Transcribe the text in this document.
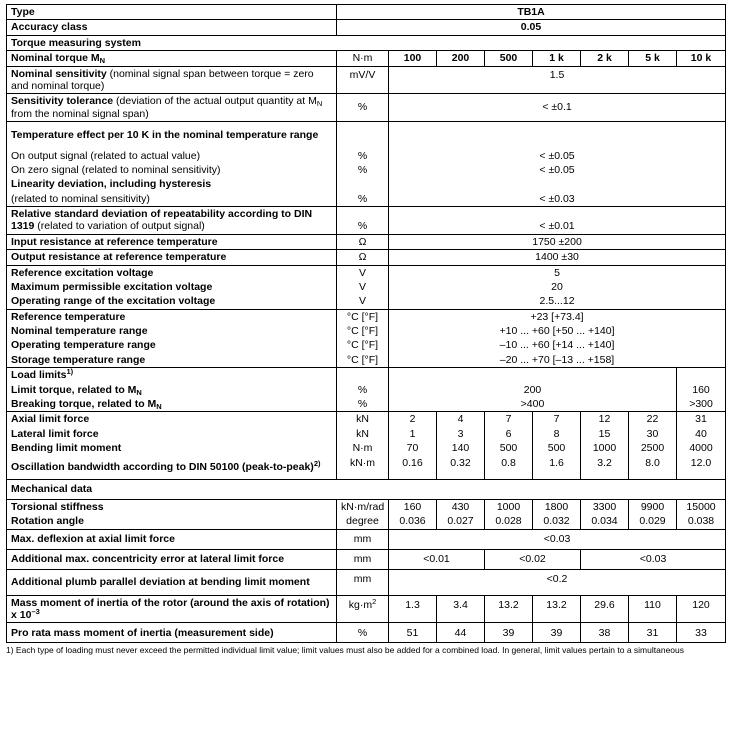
Type	TB1A							
Accuracy class	0.05							
Torque measuring system								
Nominal torque $M_N$	N·m	100	200	500	1 k	2 k	5 k	10 k
Nominal sensitivity (nominal signal span between torque = zero and nominal torque)	mV/V	1.5						
Sensitivity tolerance (deviation of the actual output quantity at $M_N$ from the nominal signal span)	%	< ±0.1						
Temperature effect per 10 K in the nominal temperature range								
On output signal (related to actual value)	%	< ±0.05						
On zero signal (related to nominal sensitivity)	%	< ±0.05						
Linearity deviation, including hysteresis								
(related to nominal sensitivity)	%	< ±0.03						
Relative standard deviation of repeatability according to DIN 1319 (related to variation of output signal)	%	< ±0.01						
Input resistance at reference temperature	Ω	1750 ±200						
Output resistance at reference temperature	Ω	1400 ±30						
Reference excitation voltage	V	5						
Maximum permissible excitation voltage	V	20						
Operating range of the excitation voltage	V	2.5...12						
Reference temperature	°C [°F]	+23 [+73.4]						
Nominal temperature range	°C [°F]	+10 ... +60 [+50 ... +140]						
Operating temperature range	°C [°F]	–10 ... +60 [+14 ... +140]						
Storage temperature range	°C [°F]	–20 ... +70 [–13 ... +158]						
Load limits$^{1)}$			
Limit torque, related to $M_N$	%	200						160
Breaking torque, related to $M_N$	%	>400						>300
Axial limit force	kN	2	4	7	7	12	22	31
Lateral limit force	kN	1	3	6	8	15	30	40
Bending limit moment	N·m	70	140	500	500	1000	2500	4000
Oscillation bandwidth according to DIN 50100 (peak-to-peak)$^{2)}$	kN·m	0.16	0.32	0.8	1.6	3.2	8.0	12.0
Mechanical data								
Torsional stiffness	kN·m/rad	160	430	1000	1800	3300	9900	15000
Rotation angle	degree	0.036	0.027	0.028	0.032	0.034	0.029	0.038
Max. deflexion at axial limit force	mm	<0.03						
Additional max. concentricity error at lateral limit force	mm	<0.01		<0.02		<0.03		
Additional plumb parallel deviation at bending limit moment	mm	<0.2						
Mass moment of inertia of the rotor (around the axis of rotation) x $10^{-3}$	$kg\cdot m^2$	1.3	3.4	13.2	13.2	29.6	110	120
Pro rata mass moment of inertia (measurement side)	%	51	44	39	39	38	31	33
1) Each type of loading must never exceed the permitted individual limit value; limit values must also be added for a combined load. In general, limit values pertain to a simultaneous
